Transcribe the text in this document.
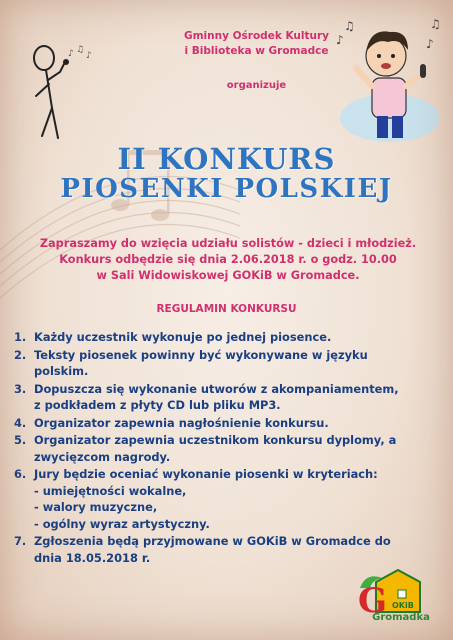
♪ ♫
♪
♪
♫
♪
♫
Gminny Ośrodek Kultury
i Biblioteka w Gromadce
organizuje
II KONKURS
PIOSENKI POLSKIEJ
Zapraszamy do wzięcia udziału solistów - dzieci i młodzież.
Konkurs odbędzie się dnia 2.06.2018 r. o godz. 10.00
w Sali Widowiskowej GOKiB w Gromadce.
REGULAMIN KONKURSU
1. Każdy uczestnik wykonuje po jednej piosence.
2. Teksty piosenek powinny być wykonywane w języku
polskim.
3. Dopuszcza się wykonanie utworów z akompaniamentem,
z podkładem z płyty CD lub pliku MP3.
4. Organizator zapewnia nagłośnienie konkursu.
5. Organizator zapewnia uczestnikom konkursu dyplomy, a
zwycięzcom nagrody.
6. Jury będzie oceniać wykonanie piosenki w kryteriach:
- umiejętności wokalne,
- walory muzyczne,
- ogólny wyraz artystyczny.
7. Zgłoszenia będą przyjmowane w GOKiB w Gromadce do
dnia 18.05.2018 r.
G OKiB
Gromadka
